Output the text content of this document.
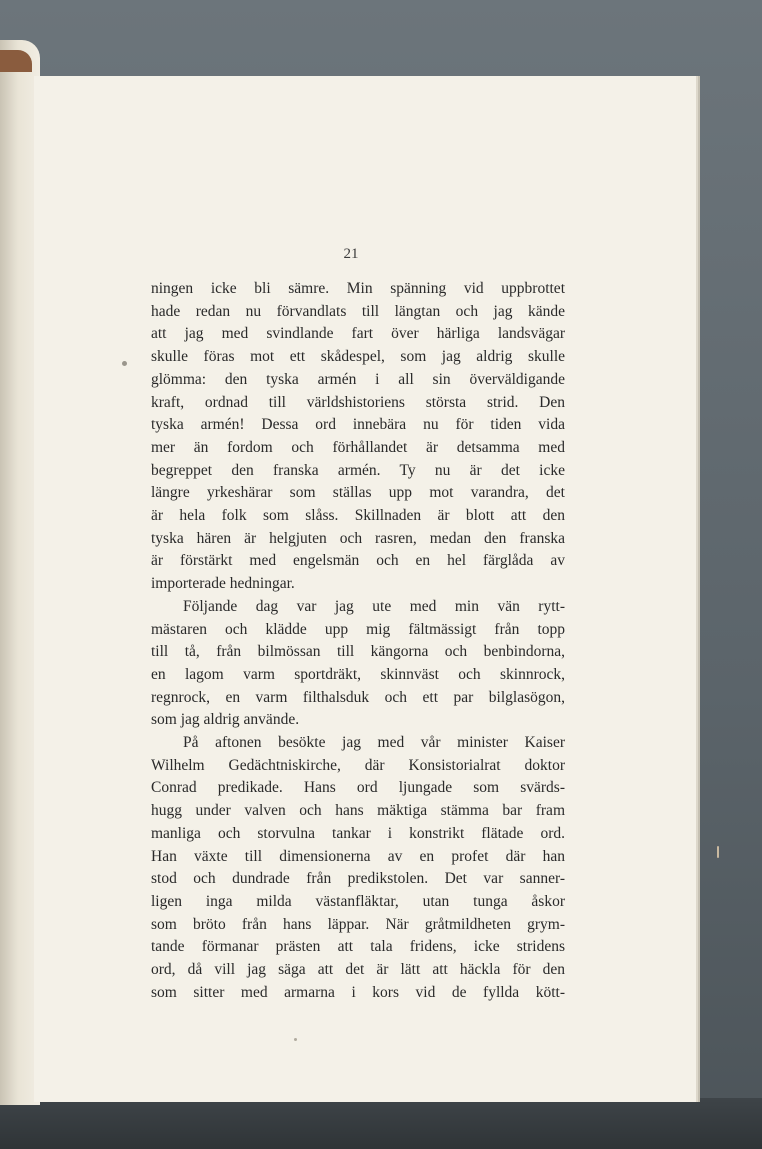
21

ningen icke bli sämre. Min spänning vid uppbrottet
hade redan nu förvandlats till längtan och jag kände
att jag med svindlande fart över härliga landsvägar
skulle föras mot ett skådespel, som jag aldrig skulle
glömma: den tyska armén i all sin överväldigande
kraft, ordnad till världshistoriens största strid. Den
tyska armén! Dessa ord innebära nu för tiden vida
mer än fordom och förhållandet är detsamma med
begreppet den franska armén. Ty nu är det icke
längre yrkeshärar som ställas upp mot varandra, det
är hela folk som slåss. Skillnaden är blott att den
tyska hären är helgjuten och rasren, medan den franska
är förstärkt med engelsmän och en hel färglåda av
importerade hedningar.
Följande dag var jag ute med min vän rytt-
mästaren och klädde upp mig fältmässigt från topp
till tå, från bilmössan till kängorna och benbindorna,
en lagom varm sportdräkt, skinnväst och skinnrock,
regnrock, en varm filthalsduk och ett par bilglasögon,
som jag aldrig använde.
På aftonen besökte jag med vår minister Kaiser
Wilhelm Gedächtniskirche, där Konsistorialrat doktor
Conrad predikade. Hans ord ljungade som svärds-
hugg under valven och hans mäktiga stämma bar fram
manliga och storvulna tankar i konstrikt flätade ord.
Han växte till dimensionerna av en profet där han
stod och dundrade från predikstolen. Det var sanner-
ligen inga milda västanfläktar, utan tunga åskor
som bröto från hans läppar. När gråtmildheten grym-
tande förmanar prästen att tala fridens, icke stridens
ord, då vill jag säga att det är lätt att häckla för den
som sitter med armarna i kors vid de fyllda kött-
